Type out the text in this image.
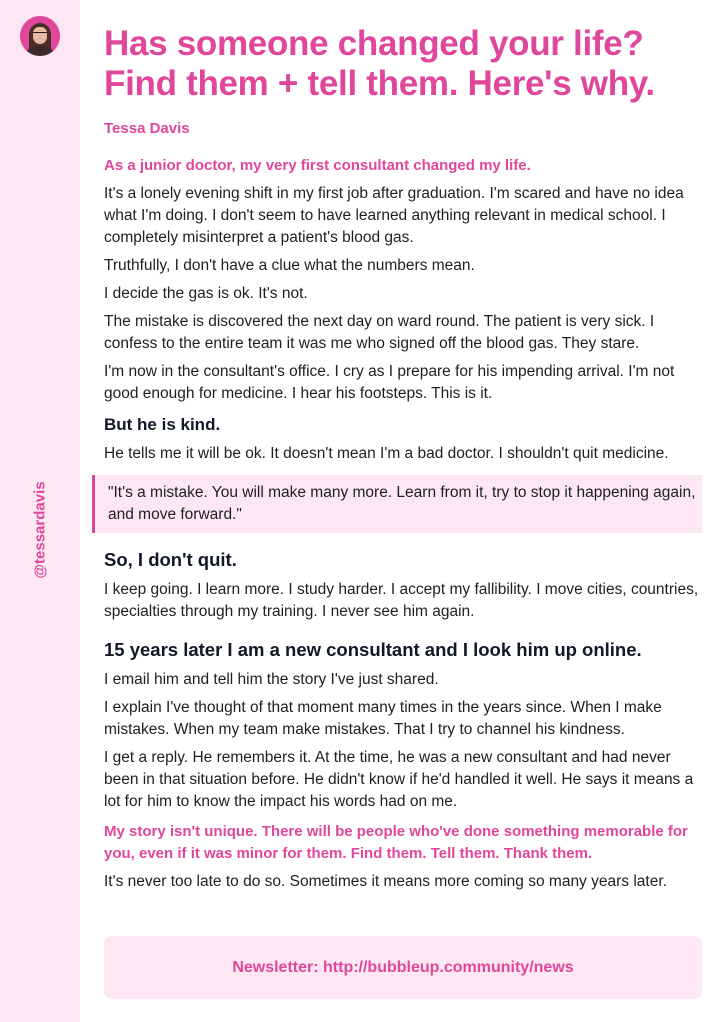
@tessardavis
Has someone changed your life?
Find them + tell them. Here's why.
Tessa Davis
As a junior doctor, my very first consultant changed my life.

It's a lonely evening shift in my first job after graduation. I'm scared and have no idea what I'm doing. I don't seem to have learned anything relevant in medical school. I completely misinterpret a patient's blood gas.

Truthfully, I don't have a clue what the numbers mean.

I decide the gas is ok. It's not.

The mistake is discovered the next day on ward round. The patient is very sick. I confess to the entire team it was me who signed off the blood gas. They stare.

I'm now in the consultant's office. I cry as I prepare for his impending arrival. I'm not good enough for medicine. I hear his footsteps. This is it.

But he is kind.

He tells me it will be ok. It doesn't mean I'm a bad doctor. I shouldn't quit medicine.

"It's a mistake. You will make many more. Learn from it, try to stop it happening again, and move forward."
So, I don't quit.

I keep going. I learn more. I study harder. I accept my fallibility. I move cities, countries, specialties through my training. I never see him again.

15 years later I am a new consultant and I look him up online.

I email him and tell him the story I've just shared.

I explain I've thought of that moment many times in the years since. When I make mistakes. When my team make mistakes. That I try to channel his kindness.

I get a reply. He remembers it. At the time, he was a new consultant and had never been in that situation before. He didn't know if he'd handled it well. He says it means a lot for him to know the impact his words had on me.

My story isn't unique. There will be people who've done something memorable for you, even if it was minor for them. Find them. Tell them. Thank them.

It's never too late to do so. Sometimes it means more coming so many years later.

Newsletter: http://bubbleup.community/news
